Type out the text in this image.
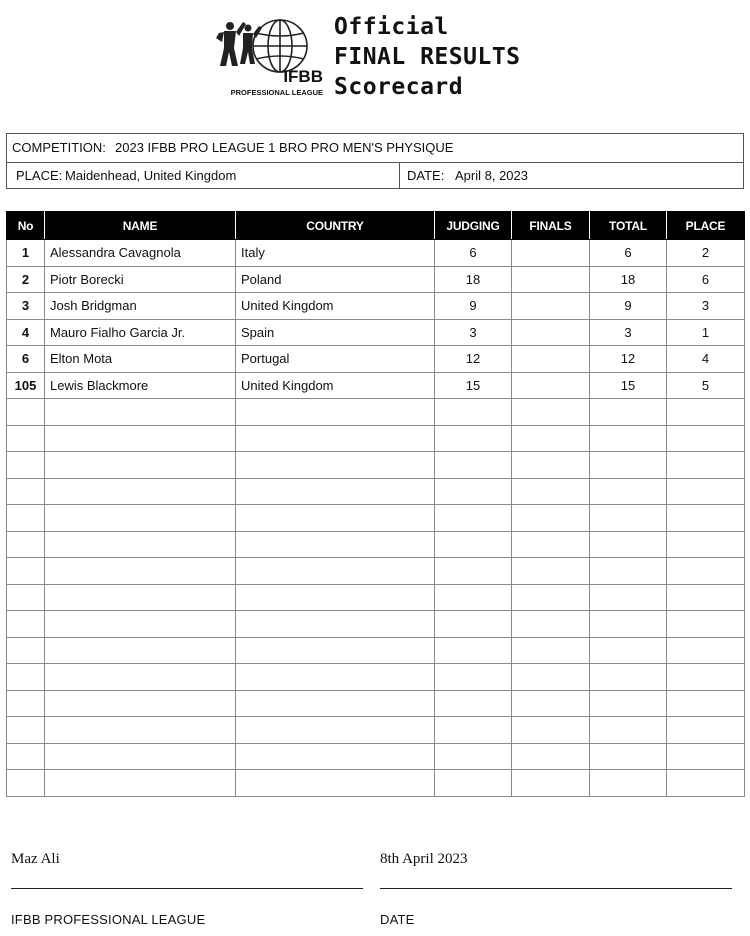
IFBB
PROFESSIONAL LEAGUE
Official
FINAL RESULTS
Scorecard
COMPETITION: 2023 IFBB PRO LEAGUE 1 BRO PRO MEN'S PHYSIQUE
PLACE: Maidenhead, United Kingdom	DATE: April 8, 2023
No	NAME	COUNTRY	JUDGING	FINALS	TOTAL	PLACE
1	Alessandra Cavagnola	Italy	6		6	2
2	Piotr Borecki	Poland	18		18	6
3	Josh Bridgman	United Kingdom	9		9	3
4	Mauro Fialho Garcia Jr.	Spain	3		3	1
6	Elton Mota	Portugal	12		12	4
105	Lewis Blackmore	United Kingdom	15		15	5

Maz Ali
IFBB PROFESSIONAL LEAGUE
8th April 2023
DATE
